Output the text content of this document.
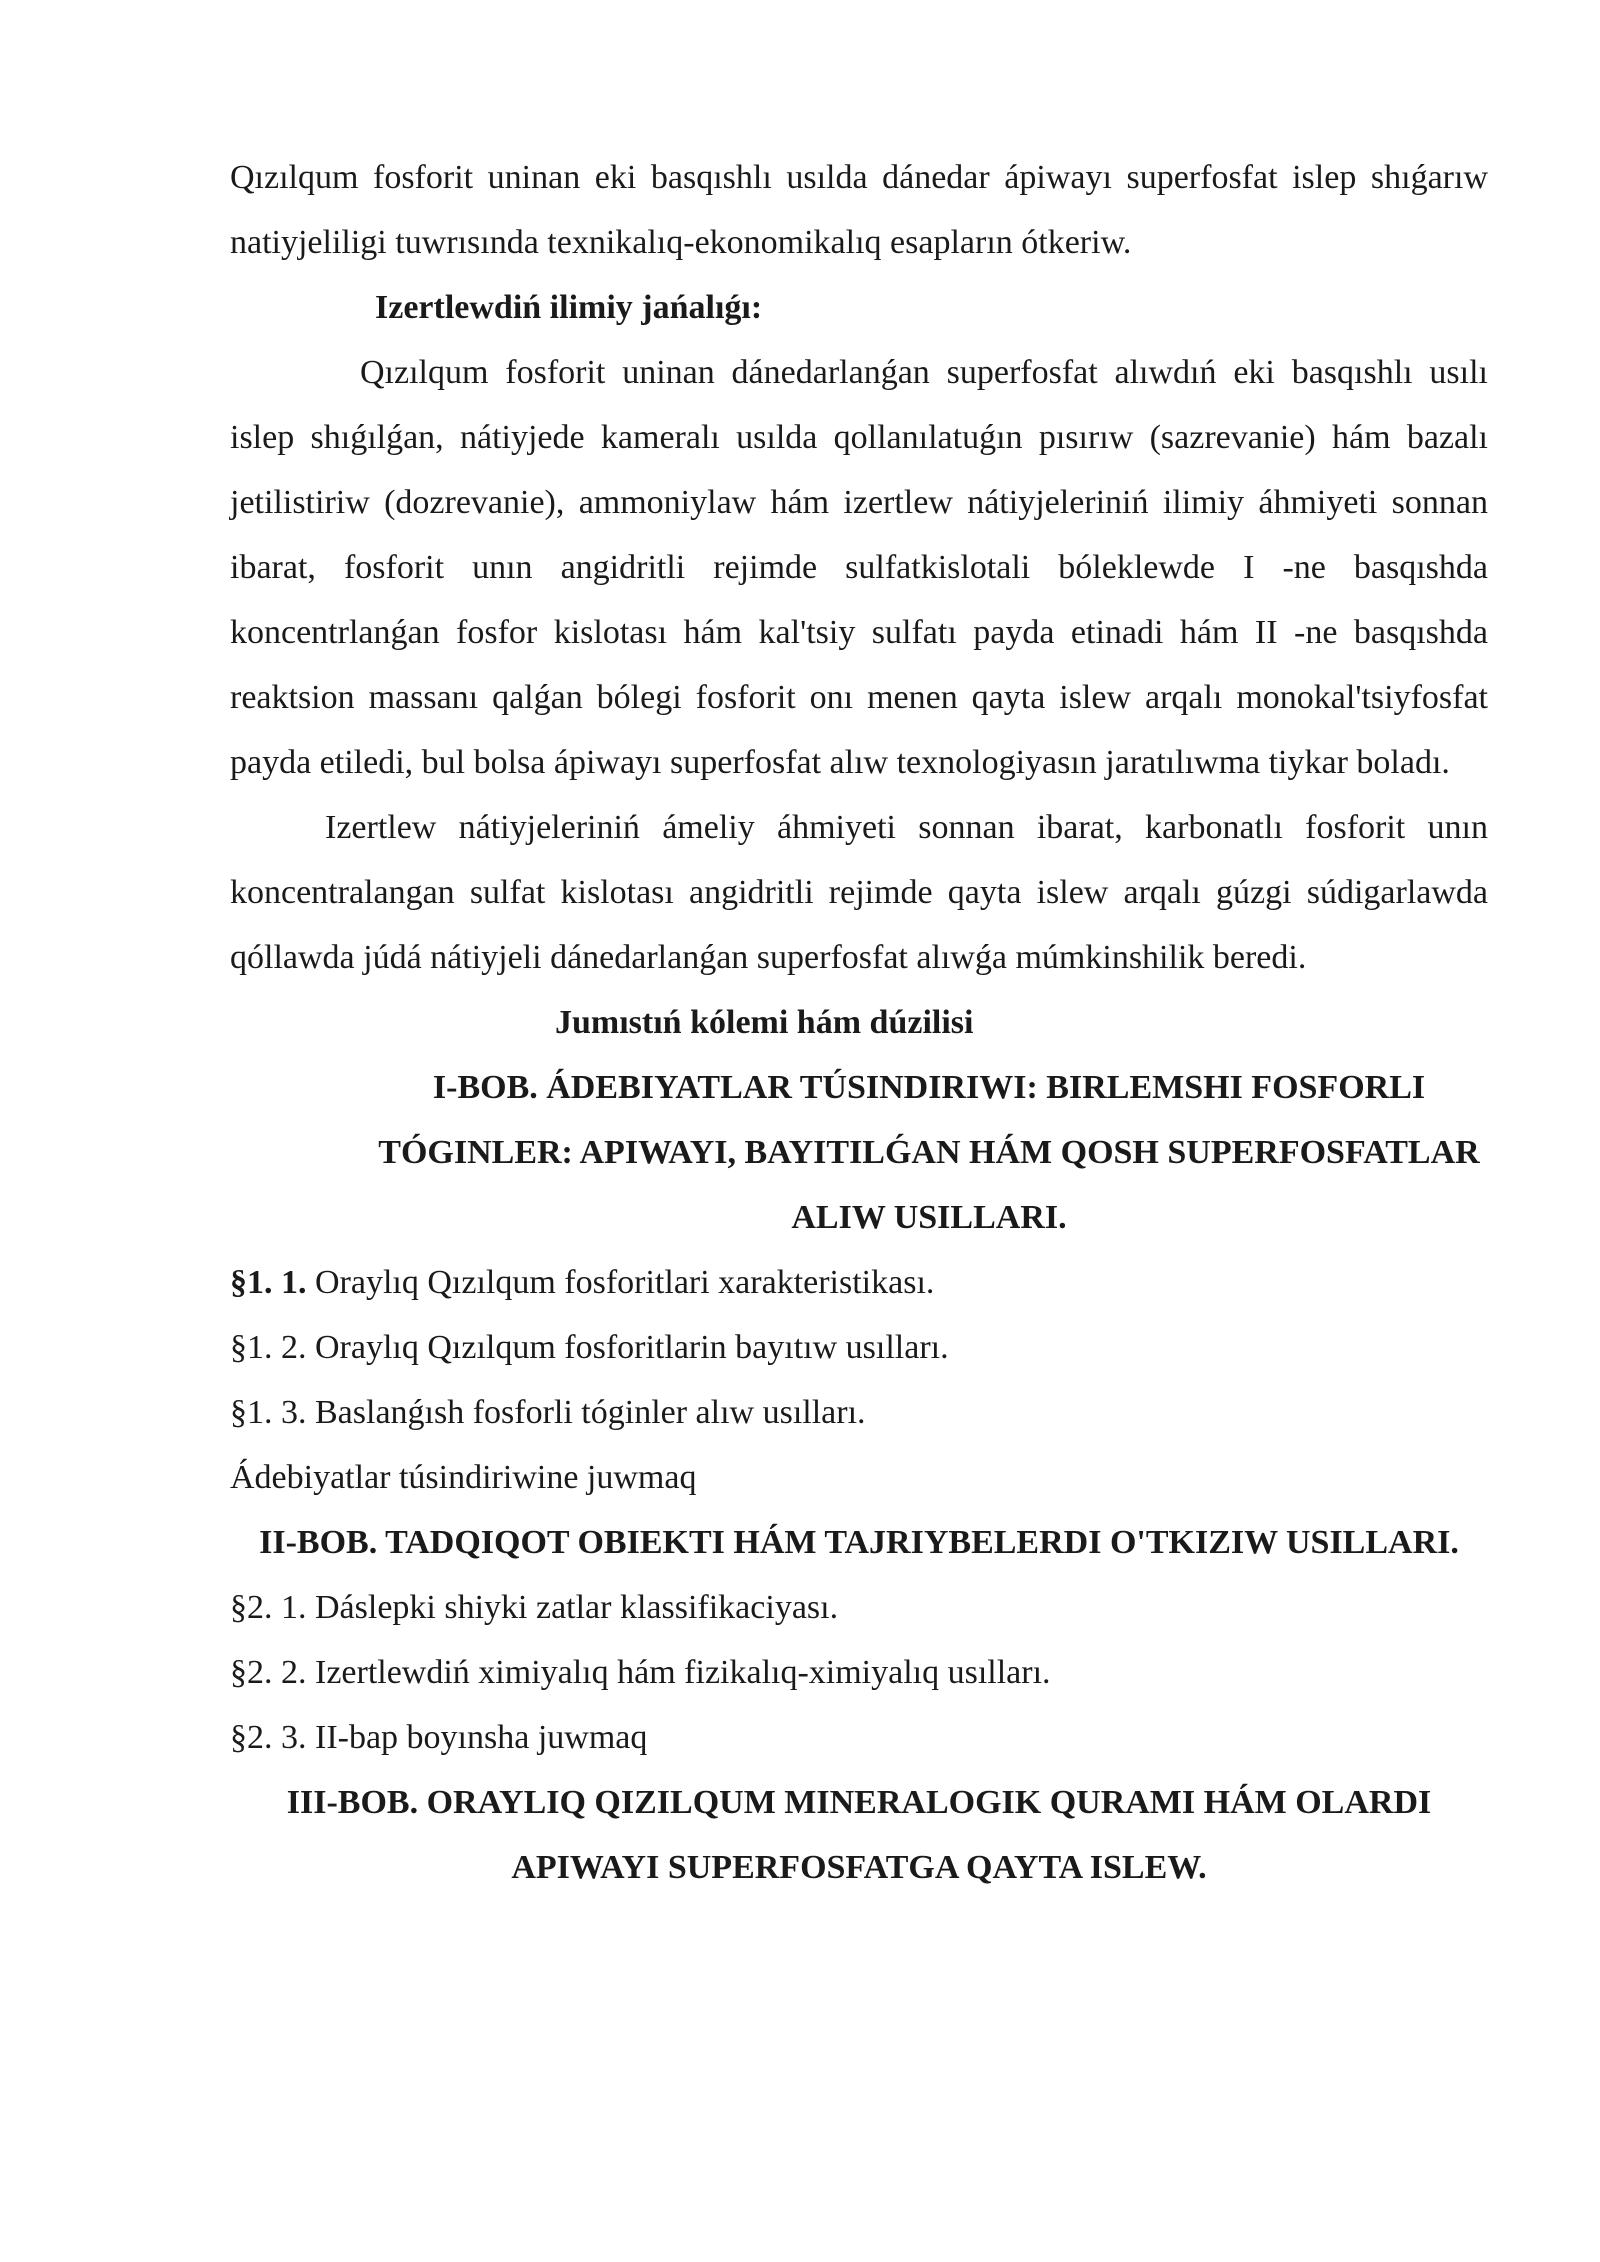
Qızılqum fosforit uninan eki basqıshlı usılda dánedar ápiwayı superfosfat islep shıǵarıw natiyjeliligi tuwrısında texnikalıq-ekonomikalıq esapların ótkeriw.

Izertlewdiń ilimiy jańalıǵı:

Qızılqum fosforit uninan dánedarlanǵan superfosfat alıwdıń eki basqıshlı usılı islep shıǵılǵan, nátiyjede kameralı usılda qollanılatuǵın pısırıw (sazrevanie) hám bazalı jetilistiriw (dozrevanie), ammoniylaw hám izertlew nátiyjeleriniń ilimiy áhmiyeti sonnan ibarat, fosforit unın angidritli rejimde sulfatkislotali bóleklewde I -ne basqıshda koncentrlanǵan fosfor kislotası hám kal'tsiy sulfatı payda etinadi hám II -ne basqıshda reaktsion massanı qalǵan bólegi fosforit onı menen qayta islew arqalı monokal'tsiyfosfat payda etiledi, bul bolsa ápiwayı superfosfat alıw texnologiyasın jaratılıwma tiykar boladı.

Izertlew nátiyjeleriniń ámeliy áhmiyeti sonnan ibarat, karbonatlı fosforit unın koncentralangan sulfat kislotası angidritli rejimde qayta islew arqalı gúzgi súdigarlawda qóllawda júdá nátiyjeli dánedarlanǵan superfosfat alıwǵa múmkinshilik beredi.

Jumıstıń kólemi hám dúzilisi

I-BOB. ÁDEBIYATLAR TÚSINDIRIWI: BIRLEMSHI FOSFORLI TÓGINLER: APIWAYI, BAYITILǴAN HÁM QOSH SUPERFOSFATLAR ALIW USILLARI.

§1. 1. Oraylıq Qızılqum fosforitlari xarakteristikası.

§1. 2. Oraylıq Qızılqum fosforitlarin bayıtıw usılları.

§1. 3. Baslanǵısh fosforli tóginler alıw usılları.

Ádebiyatlar túsindiriwine juwmaq

II-BOB. TADQIQOT OBIEKTI HÁM TAJRIYBELERDI O'TKIZIW USILLARI.

§2. 1. Dáslepki shiyki zatlar klassifikaciyası.

§2. 2. Izertlewdiń ximiyalıq hám fizikalıq-ximiyalıq usılları.

§2. 3. II-bap boyınsha juwmaq

III-BOB. ORAYLIQ QIZILQUM MINERALOGIK QURAMI HÁM OLARDI APIWAYI SUPERFOSFATGA QAYTA ISLEW.
